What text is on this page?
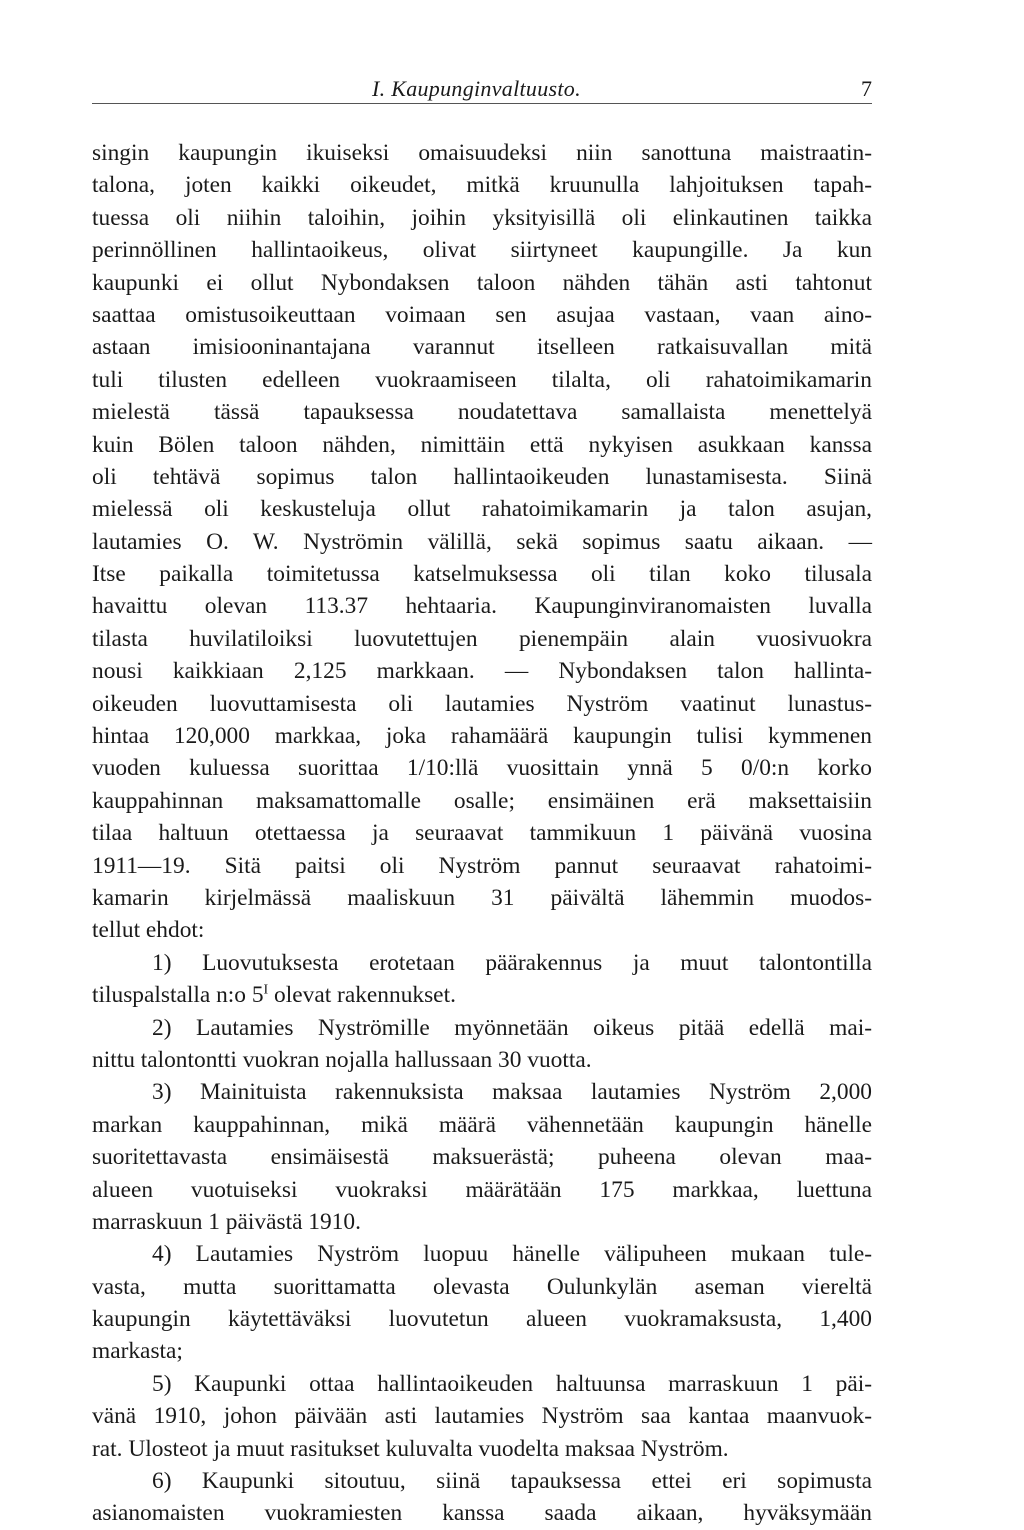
I. Kaupunginvaltuusto.	7
singin kaupungin ikuiseksi omaisuudeksi niin sanottuna maistraatin-
talona, joten kaikki oikeudet, mitkä kruunulla lahjoituksen tapah-
tuessa oli niihin taloihin, joihin yksityisillä oli elinkautinen taikka
perinnöllinen hallintaoikeus, olivat siirtyneet kaupungille. Ja kun
kaupunki ei ollut Nybondaksen taloon nähden tähän asti tahtonut
saattaa omistusoikeuttaan voimaan sen asujaa vastaan, vaan aino-
astaan imisiooninantajana varannut itselleen ratkaisuvallan mitä
tuli tilusten edelleen vuokraamiseen tilalta, oli rahatoimikamarin
mielestä tässä tapauksessa noudatettava samallaista menettelyä
kuin Bölen taloon nähden, nimittäin että nykyisen asukkaan kanssa
oli tehtävä sopimus talon hallintaoikeuden lunastamisesta. Siinä
mielessä oli keskusteluja ollut rahatoimikamarin ja talon asujan,
lautamies O. W. Nyströmin välillä, sekä sopimus saatu aikaan. —
Itse paikalla toimitetussa katselmuksessa oli tilan koko tilusala
havaittu olevan 113.37 hehtaaria. Kaupunginviranomaisten luvalla
tilasta huvilatiloiksi luovutettujen pienempäin alain vuosivuokra
nousi kaikkiaan 2,125 markkaan. — Nybondaksen talon hallinta-
oikeuden luovuttamisesta oli lautamies Nyström vaatinut lunastus-
hintaa 120,000 markkaa, joka rahamäärä kaupungin tulisi kymmenen
vuoden kuluessa suorittaa 1/10:llä vuosittain ynnä 5 0/0:n korko
kauppahinnan maksamattomalle osalle; ensimäinen erä maksettaisiin
tilaa haltuun otettaessa ja seuraavat tammikuun 1 päivänä vuosina
1911—19. Sitä paitsi oli Nyström pannut seuraavat rahatoimi-
kamarin kirjelmässä maaliskuun 31 päivältä lähemmin muodos-
tellut ehdot:
1) Luovutuksesta erotetaan päärakennus ja muut talontontilla
tiluspalstalla n:o $5^I$ olevat rakennukset.
2) Lautamies Nyströmille myönnetään oikeus pitää edellä mai-
nittu talontontti vuokran nojalla hallussaan 30 vuotta.
3) Mainituista rakennuksista maksaa lautamies Nyström 2,000
markan kauppahinnan, mikä määrä vähennetään kaupungin hänelle
suoritettavasta ensimäisestä maksuerästä; puheena olevan maa-
alueen vuotuiseksi vuokraksi määrätään 175 markkaa, luettuna
marraskuun 1 päivästä 1910.
4) Lautamies Nyström luopuu hänelle välipuheen mukaan tule-
vasta, mutta suorittamatta olevasta Oulunkylän aseman viereltä
kaupungin käytettäväksi luovutetun alueen vuokramaksusta, 1,400
markasta;
5) Kaupunki ottaa hallintaoikeuden haltuunsa marraskuun 1 päi-
vänä 1910, johon päivään asti lautamies Nyström saa kantaa maanvuok-
rat. Ulosteot ja muut rasitukset kuluvalta vuodelta maksaa Nyström.
6) Kaupunki sitoutuu, siinä tapauksessa ettei eri sopimusta
asianomaisten vuokramiesten kanssa saada aikaan, hyväksymään
